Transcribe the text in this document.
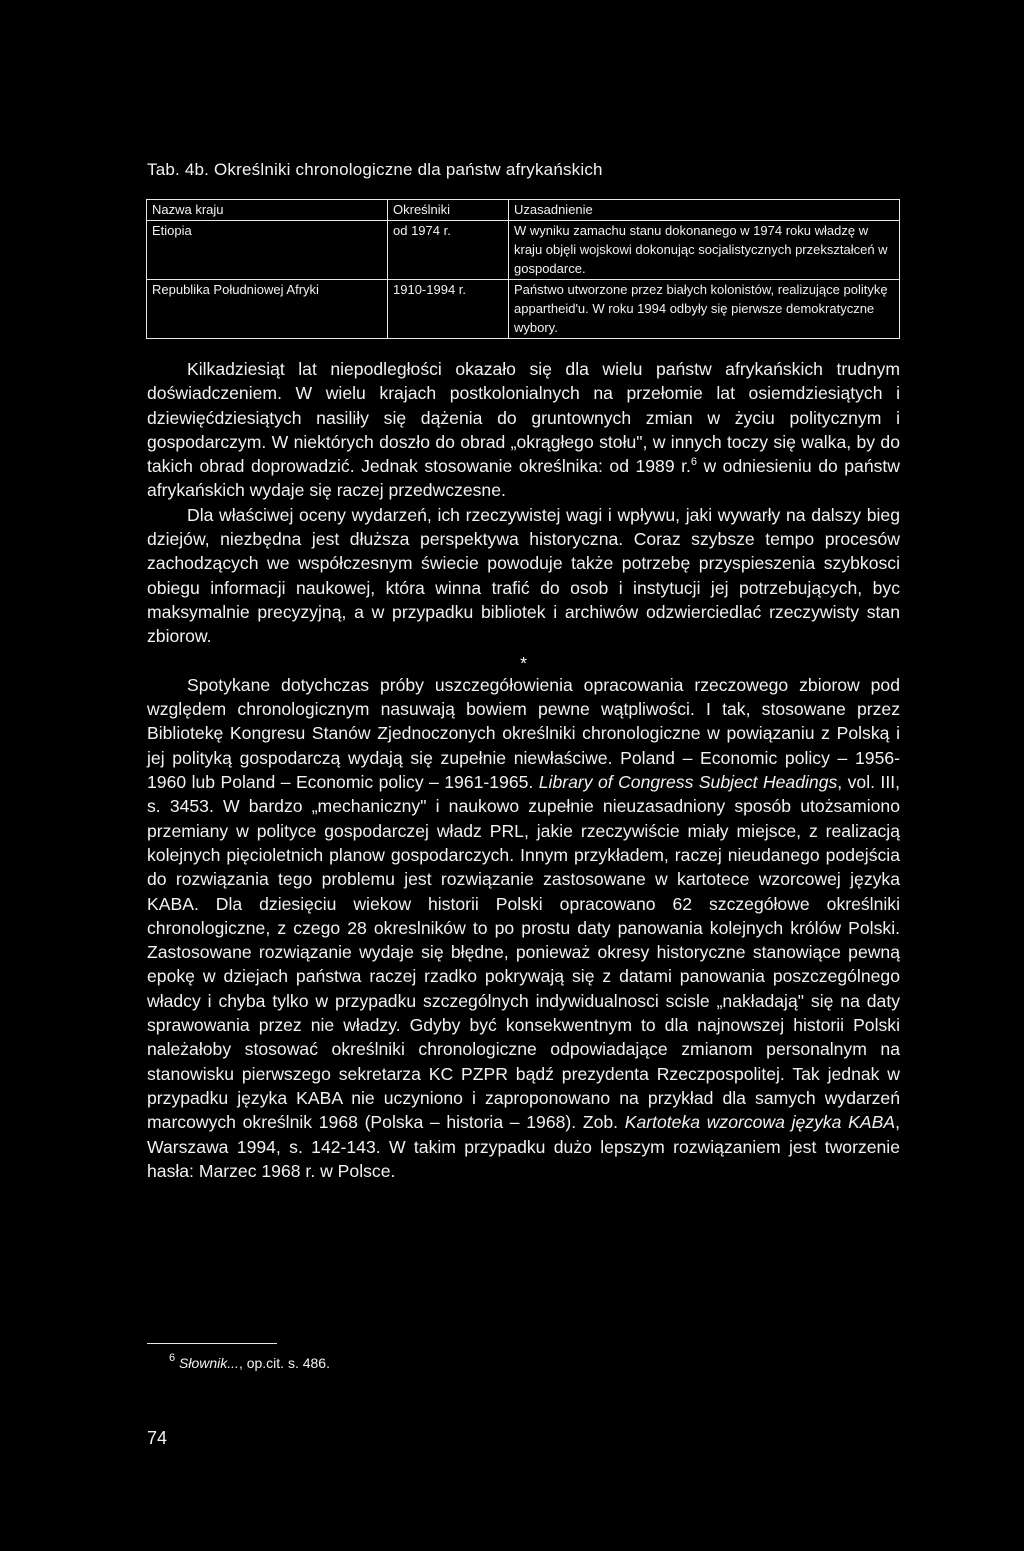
Tab. 4b. Określniki chronologiczne dla państw afrykańskich
Nazwa kraju	Określniki	Uzasadnienie
Etiopia	od 1974 r.	W wyniku zamachu stanu dokonanego w 1974 roku władzę w kraju objęli wojskowi dokonując socjalistycznych przekształceń w gospodarce.
Republika Południowej Afryki	1910-1994 r.	Państwo utworzone przez białych kolonistów, realizujące politykę appartheid'u. W roku 1994 odbyły się pierwsze demokratyczne wybory.

Kilkadziesiąt lat niepodległości okazało się dla wielu państw afrykańskich trudnym doświadczeniem. W wielu krajach postkolonialnych na przełomie lat osiemdziesiątych i dziewięćdziesiątych nasiliły się dążenia do gruntownych zmian w życiu politycznym i gospodarczym. W niektórych doszło do obrad „okrągłego stołu", w innych toczy się walka, by do takich obrad doprowadzić. Jednak stosowanie określnika: od 1989 r.$^6$ w odniesieniu do państw afrykańskich wydaje się raczej przedwczesne.

Dla właściwej oceny wydarzeń, ich rzeczywistej wagi i wpływu, jaki wywarły na dalszy bieg dziejów, niezbędna jest dłuższa perspektywa historyczna. Coraz szybsze tempo procesów zachodzących we współczesnym świecie powoduje także potrzebę przyspieszenia szybkosci obiegu informacji naukowej, która winna trafić do osob i instytucji jej potrzebujących, byc maksymalnie precyzyjną, a w przypadku bibliotek i archiwów odzwierciedlać rzeczywisty stan zbiorow.

*

Spotykane dotychczas próby uszczegółowienia opracowania rzeczowego zbiorow pod względem chronologicznym nasuwają bowiem pewne wątpliwości. I tak, stosowane przez Bibliotekę Kongresu Stanów Zjednoczonych określniki chronologiczne w powiązaniu z Polską i jej polityką gospodarczą wydają się zupełnie niewłaściwe. Poland – Economic policy – 1956-1960 lub Poland – Economic policy – 1961-1965. Library of Congress Subject Headings, vol. III, s. 3453. W bardzo „mechaniczny" i naukowo zupełnie nieuzasadniony sposób utożsamiono przemiany w polityce gospodarczej władz PRL, jakie rzeczywiście miały miejsce, z realizacją kolejnych pięcioletnich planow gospodarczych. Innym przykładem, raczej nieudanego podejścia do rozwiązania tego problemu jest rozwiązanie zastosowane w kartotece wzorcowej języka KABA. Dla dziesięciu wiekow historii Polski opracowano 62 szczegółowe określniki chronologiczne, z czego 28 okreslników to po prostu daty panowania kolejnych królów Polski. Zastosowane rozwiązanie wydaje się błędne, ponieważ okresy historyczne stanowiące pewną epokę w dziejach państwa raczej rzadko pokrywają się z datami panowania poszczególnego władcy i chyba tylko w przypadku szczególnych indywidualnosci scisle „nakładają" się na daty sprawowania przez nie władzy. Gdyby być konsekwentnym to dla najnowszej historii Polski należałoby stosować określniki chronologiczne odpowiadające zmianom personalnym na stanowisku pierwszego sekretarza KC PZPR bądź prezydenta Rzeczpospolitej. Tak jednak w przypadku języka KABA nie uczyniono i zaproponowano na przykład dla samych wydarzeń marcowych określnik 1968 (Polska – historia – 1968). Zob. Kartoteka wzorcowa języka KABA, Warszawa 1994, s. 142-143. W takim przypadku dużo lepszym rozwiązaniem jest tworzenie hasła: Marzec 1968 r. w Polsce.

$^6$ Słownik..., op.cit. s. 486.
74
